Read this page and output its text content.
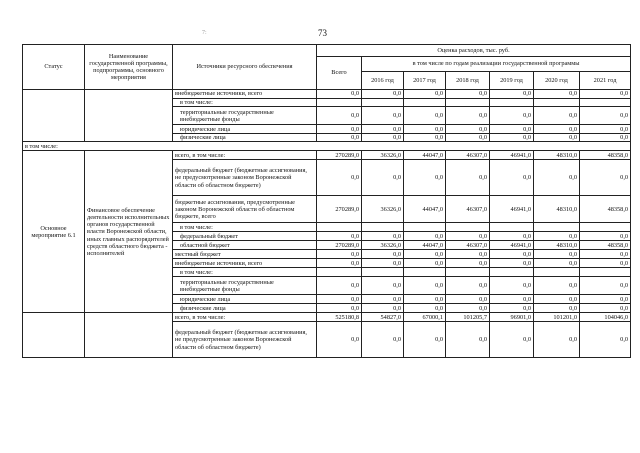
7:	73
Статус	Наименование государственной программы, подпрограммы, основного мероприятия	Источники ресурсного обеспечения	Оценка расходов, тыс. руб.						
			Всего	в том числе по годам реализации государственной программы					
				2016 год	2017 год	2018 год	2019 год	2020 год	2021 год
		внебюджетные источники, всего	0,0	0,0	0,0	0,0	0,0	0,0	0,0
		в том числе:							
		территориальные государственные внебюджетные фонды	0,0	0,0	0,0	0,0	0,0	0,0	0,0
		юридические лица	0,0	0,0	0,0	0,0	0,0	0,0	0,0
		физические лица	0,0	0,0	0,0	0,0	0,0	0,0	0,0
в том числе:									
Основное мероприятие 6.1	Финансовое обеспечение деятельности исполнительных органов государственной власти Воронежской области, иных главных распорядителей средств областного бюджета - исполнителей	всего, в том числе:	270289,0	36326,0	44047,0	46307,0	46941,0	48310,0	48358,0
		федеральный бюджет (бюджетные ассигнования, не предусмотренные законом Воронежской области об областном бюджете)	0,0	0,0	0,0	0,0	0,0	0,0	0,0
		бюджетные ассигнования, предусмотренные законом Воронежской области об областном бюджете, всего	270289,0	36326,0	44047,0	46307,0	46941,0	48310,0	48358,0
		в том числе:							
		федеральный бюджет	0,0	0,0	0,0	0,0	0,0	0,0	0,0
		областной бюджет	270289,0	36326,0	44047,0	46307,0	46941,0	48310,0	48358,0
		местный бюджет	0,0	0,0	0,0	0,0	0,0	0,0	0,0
		внебюджетные источники, всего	0,0	0,0	0,0	0,0	0,0	0,0	0,0
		в том числе:							
		территориальные государственные внебюджетные фонды	0,0	0,0	0,0	0,0	0,0	0,0	0,0
		юридические лица	0,0	0,0	0,0	0,0	0,0	0,0	0,0
		физические лица	0,0	0,0	0,0	0,0	0,0	0,0	0,0
		всего, в том числе:	525180,8	54827,0	67000,1	101205,7	96901,0	101201,0	104046,0
		федеральный бюджет (бюджетные ассигнования, не предусмотренные законом Воронежской области об областном бюджете)	0,0	0,0	0,0	0,0	0,0	0,0	0,0
